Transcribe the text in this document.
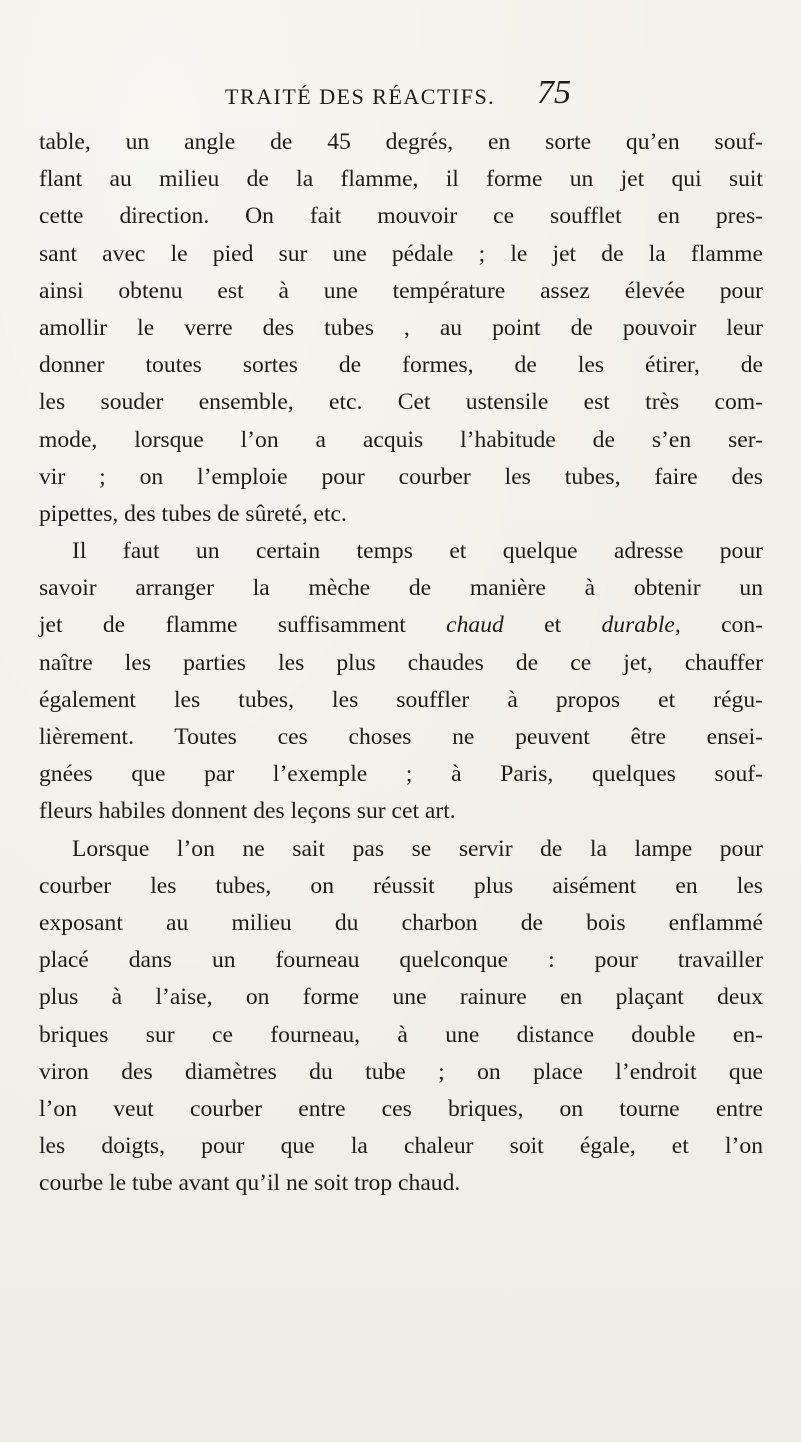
TRAITÉ DES RÉACTIFS. 75
table, un angle de 45 degrés, en sorte qu’en souf-
flant au milieu de la flamme, il forme un jet qui suit
cette direction. On fait mouvoir ce soufflet en pres-
sant avec le pied sur une pédale ; le jet de la flamme
ainsi obtenu est à une température assez élevée pour
amollir le verre des tubes , au point de pouvoir leur
donner toutes sortes de formes, de les étirer, de
les souder ensemble, etc. Cet ustensile est très com-
mode, lorsque l’on a acquis l’habitude de s’en ser-
vir ; on l’emploie pour courber les tubes, faire des
pipettes, des tubes de sûreté, etc.
Il faut un certain temps et quelque adresse pour
savoir arranger la mèche de manière à obtenir un
jet de flamme suffisamment chaud et durable, con-
naître les parties les plus chaudes de ce jet, chauffer
également les tubes, les souffler à propos et régu-
lièrement. Toutes ces choses ne peuvent être ensei-
gnées que par l’exemple ; à Paris, quelques souf-
fleurs habiles donnent des leçons sur cet art.
Lorsque l’on ne sait pas se servir de la lampe pour
courber les tubes, on réussit plus aisément en les
exposant au milieu du charbon de bois enflammé
placé dans un fourneau quelconque : pour travailler
plus à l’aise, on forme une rainure en plaçant deux
briques sur ce fourneau, à une distance double en-
viron des diamètres du tube ; on place l’endroit que
l’on veut courber entre ces briques, on tourne entre
les doigts, pour que la chaleur soit égale, et l’on
courbe le tube avant qu’il ne soit trop chaud.
